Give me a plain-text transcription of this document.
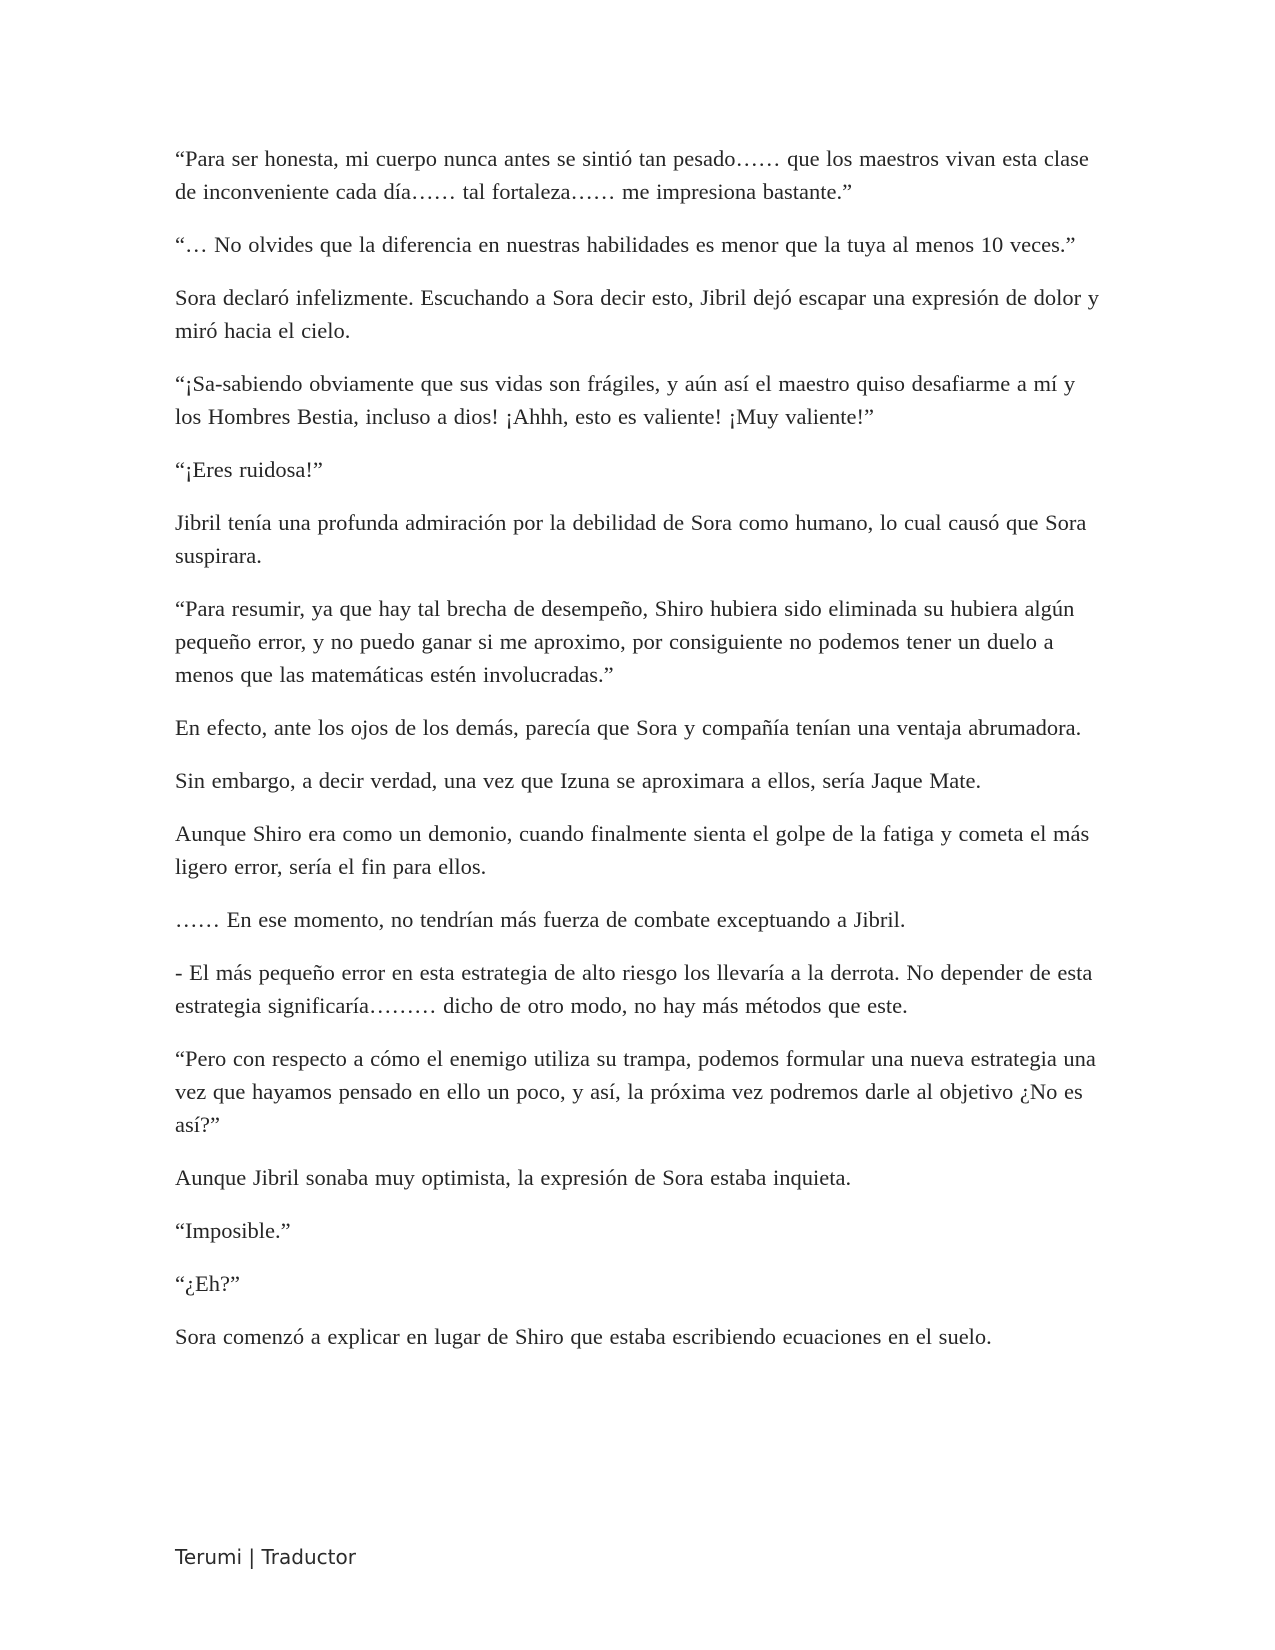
“Para ser honesta, mi cuerpo nunca antes se sintió tan pesado…… que los maestros vivan esta clase de inconveniente cada día…… tal fortaleza…… me impresiona bastante.”

“… No olvides que la diferencia en nuestras habilidades es menor que la tuya al menos 10 veces.”

Sora declaró infelizmente. Escuchando a Sora decir esto, Jibril dejó escapar una expresión de dolor y miró hacia el cielo.

“¡Sa-sabiendo obviamente que sus vidas son frágiles, y aún así el maestro quiso desafiarme a mí y los Hombres Bestia, incluso a dios! ¡Ahhh, esto es valiente! ¡Muy valiente!”

“¡Eres ruidosa!”

Jibril tenía una profunda admiración por la debilidad de Sora como humano, lo cual causó que Sora suspirara.

“Para resumir, ya que hay tal brecha de desempeño, Shiro hubiera sido eliminada su hubiera algún pequeño error, y no puedo ganar si me aproximo, por consiguiente no podemos tener un duelo a menos que las matemáticas estén involucradas.”

En efecto, ante los ojos de los demás, parecía que Sora y compañía tenían una ventaja abrumadora.

Sin embargo, a decir verdad, una vez que Izuna se aproximara a ellos, sería Jaque Mate.

Aunque Shiro era como un demonio, cuando finalmente sienta el golpe de la fatiga y cometa el más ligero error, sería el fin para ellos.

…… En ese momento, no tendrían más fuerza de combate exceptuando a Jibril.

- El más pequeño error en esta estrategia de alto riesgo los llevaría a la derrota. No depender de esta estrategia significaría……… dicho de otro modo, no hay más métodos que este.

“Pero con respecto a cómo el enemigo utiliza su trampa, podemos formular una nueva estrategia una vez que hayamos pensado en ello un poco, y así, la próxima vez podremos darle al objetivo ¿No es así?”

Aunque Jibril sonaba muy optimista, la expresión de Sora estaba inquieta.

“Imposible.”

“¿Eh?”

Sora comenzó a explicar en lugar de Shiro que estaba escribiendo ecuaciones en el suelo.

Terumi | Traductor
